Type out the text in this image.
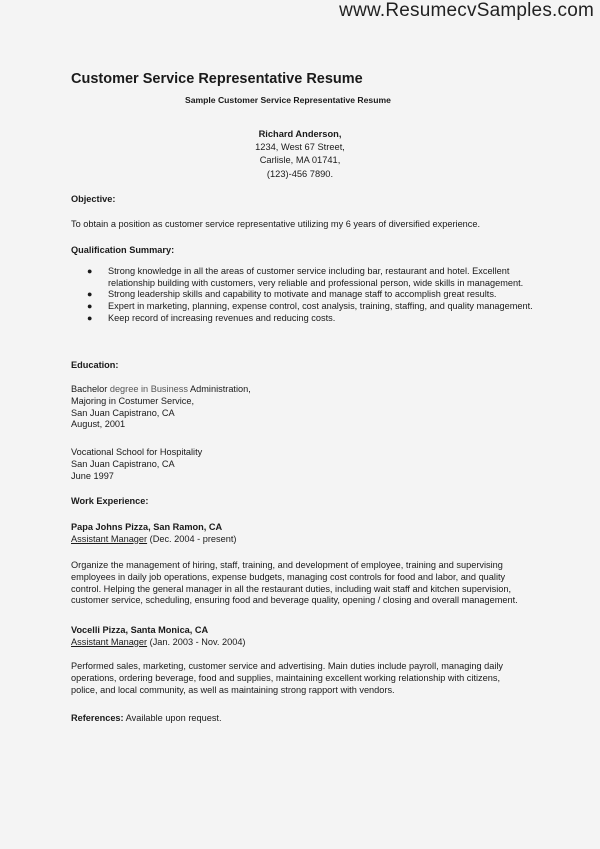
www.ResumecvSamples.com
Customer Service Representative Resume
Sample Customer Service Representative Resume
Richard Anderson,
1234, West 67 Street,
Carlisle, MA 01741,
(123)-456 7890.
Objective:
To obtain a position as customer service representative utilizing my 6 years of diversified experience.
Qualification Summary:
● Strong knowledge in all the areas of customer service including bar, restaurant and hotel. Excellent relationship building with customers, very reliable and professional person, wide skills in management.
● Strong leadership skills and capability to motivate and manage staff to accomplish great results.
● Expert in marketing, planning, expense control, cost analysis, training, staffing, and quality management.
● Keep record of increasing revenues and reducing costs.
Education:
Bachelor degree in Business Administration,
Majoring in Costumer Service,
San Juan Capistrano, CA
August, 2001
Vocational School for Hospitality
San Juan Capistrano, CA
June 1997
Work Experience:
Papa Johns Pizza, San Ramon, CA
Assistant Manager (Dec. 2004 - present)
Organize the management of hiring, staff, training, and development of employee, training and supervising
employees in daily job operations, expense budgets, managing cost controls for food and labor, and quality
control. Helping the general manager in all the restaurant duties, including wait staff and kitchen supervision,
customer service, scheduling, ensuring food and beverage quality, opening / closing and overall management.
Vocelli Pizza, Santa Monica, CA
Assistant Manager (Jan. 2003 - Nov. 2004)
Performed sales, marketing, customer service and advertising. Main duties include payroll, managing daily
operations, ordering beverage, food and supplies, maintaining excellent working relationship with citizens,
police, and local community, as well as maintaining strong rapport with vendors.
References: Available upon request.
